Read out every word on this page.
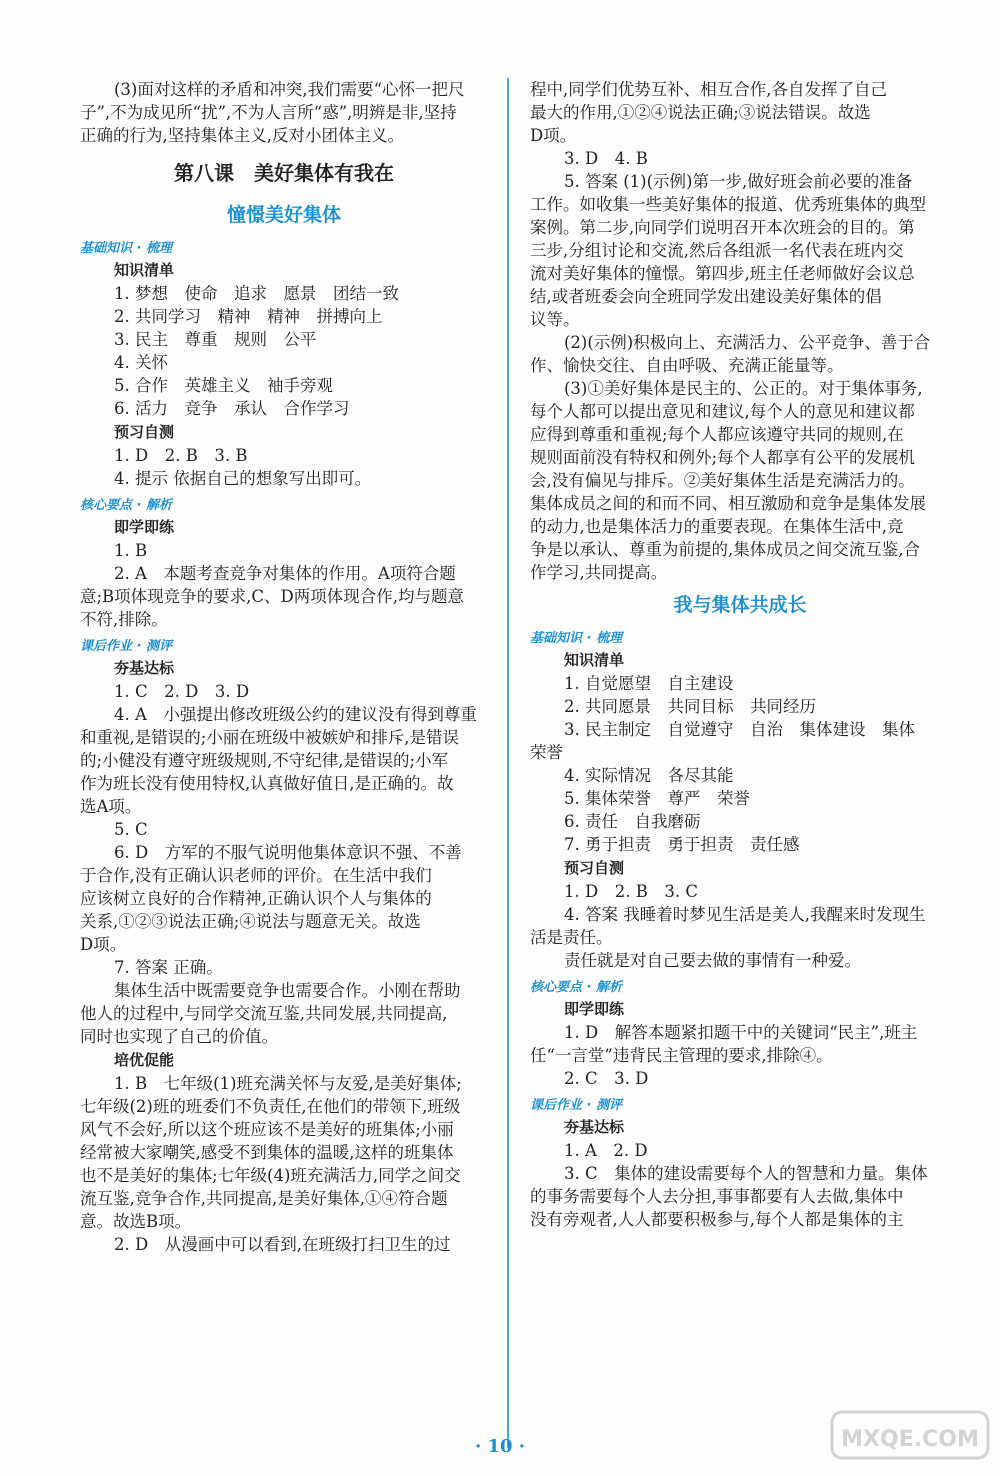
(3)面对这样的矛盾和冲突,我们需要“心怀一把尺
子”,不为成见所“扰”,不为人言所“惑”,明辨是非,坚持
正确的行为,坚持集体主义,反对小团体主义。
第八课　美好集体有我在
憧憬美好集体
基础知识 · 梳理
知识清单
1. 梦想　使命　追求　愿景　团结一致
2. 共同学习　精神　精神　拼搏向上
3. 民主　尊重　规则　公平
4. 关怀
5. 合作　英雄主义　袖手旁观
6. 活力　竞争　承认　合作学习
预习自测
1. D　2. B　3. B
4. 提示 依据自己的想象写出即可。
核心要点 · 解析
即学即练
1. B
2. A　本题考查竞争对集体的作用。A项符合题
意;B项体现竞争的要求,C、D两项体现合作,均与题意
不符,排除。
课后作业 · 测评
夯基达标
1. C　2. D　3. D
4. A　小强提出修改班级公约的建议没有得到尊重
和重视,是错误的;小丽在班级中被嫉妒和排斥,是错误
的;小健没有遵守班级规则,不守纪律,是错误的;小军
作为班长没有使用特权,认真做好值日,是正确的。故
选A项。
5. C
6. D　方军的不服气说明他集体意识不强、不善
于合作,没有正确认识老师的评价。在生活中我们
应该树立良好的合作精神,正确认识个人与集体的
关系,①②③说法正确;④说法与题意无关。故选
D项。
7. 答案 正确。
集体生活中既需要竞争也需要合作。小刚在帮助
他人的过程中,与同学交流互鉴,共同发展,共同提高,
同时也实现了自己的价值。
培优促能
1. B　七年级(1)班充满关怀与友爱,是美好集体;
七年级(2)班的班委们不负责任,在他们的带领下,班级
风气不会好,所以这个班应该不是美好的班集体;小丽
经常被大家嘲笑,感受不到集体的温暖,这样的班集体
也不是美好的集体;七年级(4)班充满活力,同学之间交
流互鉴,竞争合作,共同提高,是美好集体,①④符合题
意。故选B项。
2. D　从漫画中可以看到,在班级打扫卫生的过
程中,同学们优势互补、相互合作,各自发挥了自己
最大的作用,①②④说法正确;③说法错误。故选
D项。
3. D　4. B
5. 答案 (1)(示例)第一步,做好班会前必要的准备
工作。如收集一些美好集体的报道、优秀班集体的典型
案例。第二步,向同学们说明召开本次班会的目的。第
三步,分组讨论和交流,然后各组派一名代表在班内交
流对美好集体的憧憬。第四步,班主任老师做好会议总
结,或者班委会向全班同学发出建设美好集体的倡
议等。
(2)(示例)积极向上、充满活力、公平竞争、善于合
作、愉快交往、自由呼吸、充满正能量等。
(3)①美好集体是民主的、公正的。对于集体事务,
每个人都可以提出意见和建议,每个人的意见和建议都
应得到尊重和重视;每个人都应该遵守共同的规则,在
规则面前没有特权和例外;每个人都享有公平的发展机
会,没有偏见与排斥。②美好集体生活是充满活力的。
集体成员之间的和而不同、相互激励和竞争是集体发展
的动力,也是集体活力的重要表现。在集体生活中,竞
争是以承认、尊重为前提的,集体成员之间交流互鉴,合
作学习,共同提高。
我与集体共成长
基础知识 · 梳理
知识清单
1. 自觉愿望　自主建设
2. 共同愿景　共同目标　共同经历
3. 民主制定　自觉遵守　自治　集体建设　集体
荣誉
4. 实际情况　各尽其能
5. 集体荣誉　尊严　荣誉
6. 责任　自我磨砺
7. 勇于担责　勇于担责　责任感
预习自测
1. D　2. B　3. C
4. 答案 我睡着时梦见生活是美人,我醒来时发现生
活是责任。
责任就是对自己要去做的事情有一种爱。
核心要点 · 解析
即学即练
1. D　解答本题紧扣题干中的关键词“民主”,班主
任“一言堂”违背民主管理的要求,排除④。
2. C　3. D
课后作业 · 测评
夯基达标
1. A　2. D
3. C　集体的建设需要每个人的智慧和力量。集体
的事务需要每个人去分担,事事都要有人去做,集体中
没有旁观者,人人都要积极参与,每个人都是集体的主
· 10 ·	MXQE.COM
